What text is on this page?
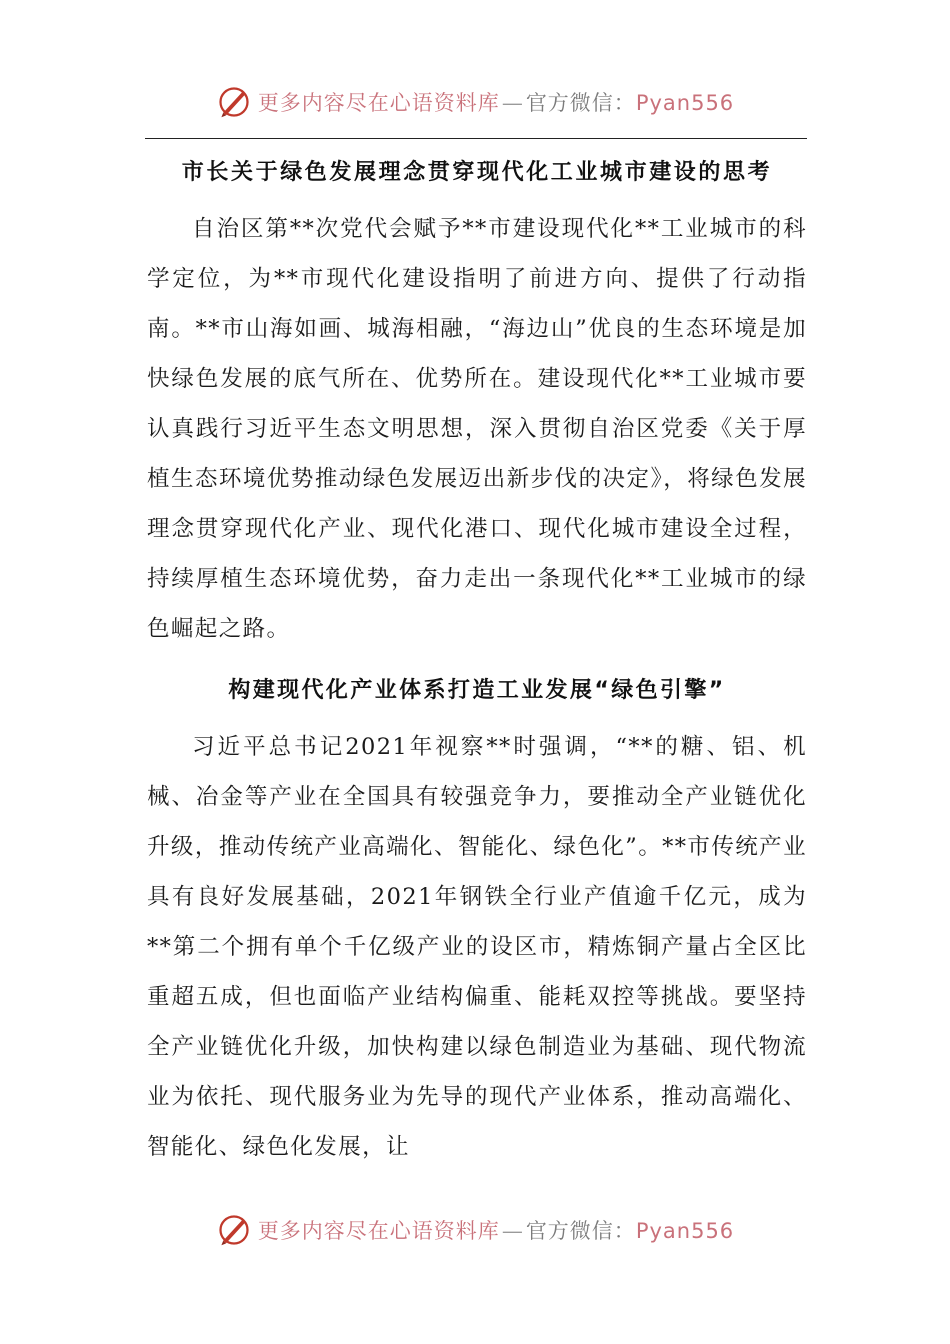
更多内容尽在心语资料库—官方微信：Pyan556
市长关于绿色发展理念贯穿现代化工业城市建设的思考

自治区第**次党代会赋予**市建设现代化**工业城市的科学定位，为**市现代化建设指明了前进方向、提供了行动指南。**市山海如画、城海相融，“海边山”优良的生态环境是加快绿色发展的底气所在、优势所在。建设现代化**工业城市要认真践行习近平生态文明思想，深入贯彻自治区党委《关于厚植生态环境优势推动绿色发展迈出新步伐的决定》，将绿色发展理念贯穿现代化产业、现代化港口、现代化城市建设全过程，持续厚植生态环境优势，奋力走出一条现代化**工业城市的绿色崛起之路。

构建现代化产业体系打造工业发展“绿色引擎”

习近平总书记2021年视察**时强调，“**的糖、铝、机械、冶金等产业在全国具有较强竞争力，要推动全产业链优化升级，推动传统产业高端化、智能化、绿色化”。**市传统产业具有良好发展基础，2021年钢铁全行业产值逾千亿元，成为**第二个拥有单个千亿级产业的设区市，精炼铜产量占全区比重超五成，但也面临产业结构偏重、能耗双控等挑战。要坚持全产业链优化升级，加快构建以绿色制造业为基础、现代物流业为依托、现代服务业为先导的现代产业体系，推动高端化、智能化、绿色化发展，让

更多内容尽在心语资料库—官方微信：Pyan556
